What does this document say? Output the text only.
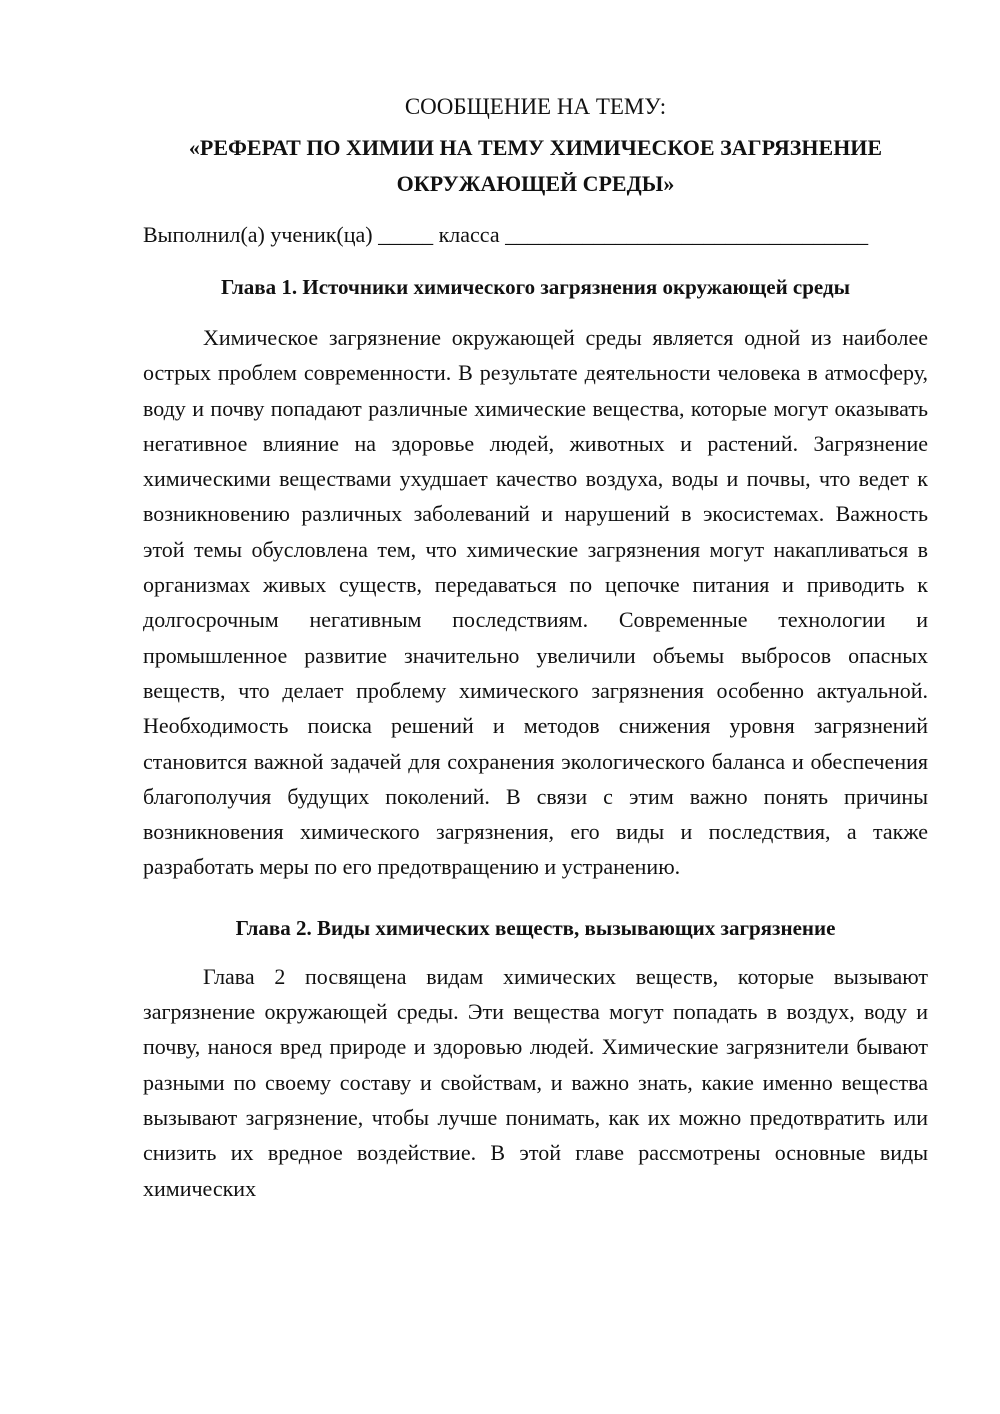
СООБЩЕНИЕ НА ТЕМУ:
«РЕФЕРАТ ПО ХИМИИ НА ТЕМУ ХИМИЧЕСКОЕ ЗАГРЯЗНЕНИЕ ОКРУЖАЮЩЕЙ СРЕДЫ»

Выполнил(а) ученик(ца) _____ класса _________________________________

Глава 1. Источники химического загрязнения окружающей среды

Химическое загрязнение окружающей среды является одной из наиболее острых проблем современности. В результате деятельности человека в атмосферу, воду и почву попадают различные химические вещества, которые могут оказывать негативное влияние на здоровье людей, животных и растений. Загрязнение химическими веществами ухудшает качество воздуха, воды и почвы, что ведет к возникновению различных заболеваний и нарушений в экосистемах. Важность этой темы обусловлена тем, что химические загрязнения могут накапливаться в организмах живых существ, передаваться по цепочке питания и приводить к долгосрочным негативным последствиям. Современные технологии и промышленное развитие значительно увеличили объемы выбросов опасных веществ, что делает проблему химического загрязнения особенно актуальной. Необходимость поиска решений и методов снижения уровня загрязнений становится важной задачей для сохранения экологического баланса и обеспечения благополучия будущих поколений. В связи с этим важно понять причины возникновения химического загрязнения, его виды и последствия, а также разработать меры по его предотвращению и устранению.

Глава 2. Виды химических веществ, вызывающих загрязнение

Глава 2 посвящена видам химических веществ, которые вызывают загрязнение окружающей среды. Эти вещества могут попадать в воздух, воду и почву, нанося вред природе и здоровью людей. Химические загрязнители бывают разными по своему составу и свойствам, и важно знать, какие именно вещества вызывают загрязнение, чтобы лучше понимать, как их можно предотвратить или снизить их вредное воздействие. В этой главе рассмотрены основные виды химических
